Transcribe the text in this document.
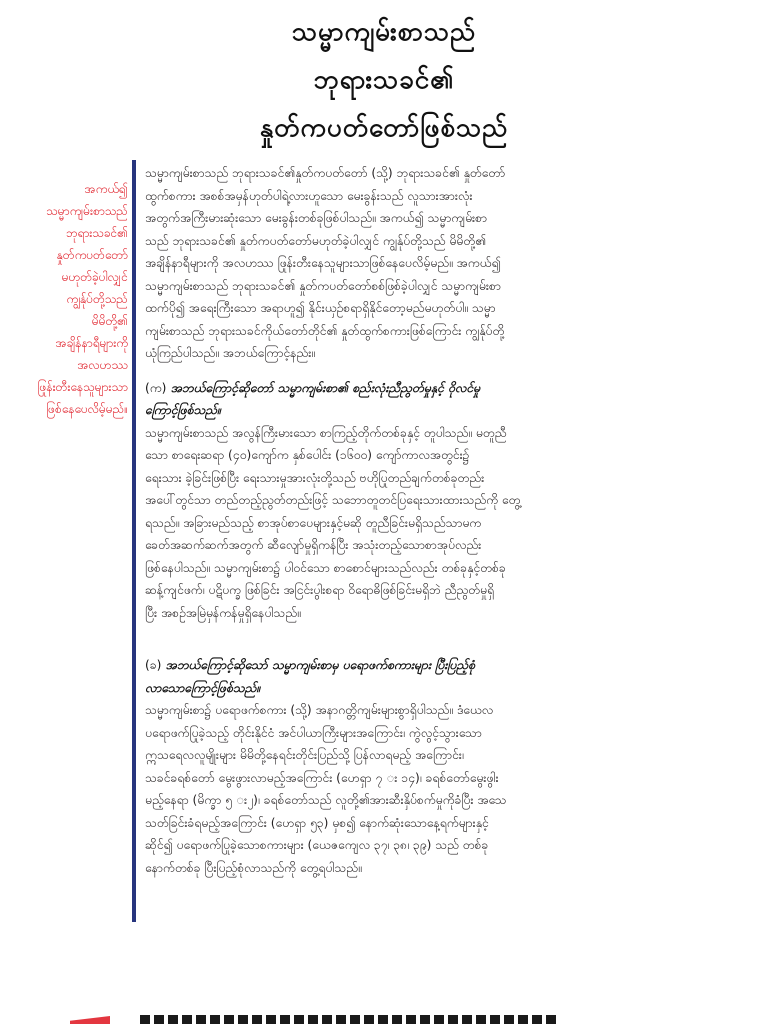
သမ္မာကျမ်းစာသည်
ဘုရားသခင်၏
နှုတ်ကပတ်တော်ဖြစ်သည်
အကယ်၍
သမ္မာကျမ်းစာသည်
ဘုရားသခင်၏
နှုတ်ကပတ်တော်
မဟုတ်ခဲ့ပါလျှင်
ကျွန်ုပ်တို့သည်
မိမိတို့၏
အချိန်နာရီများကို
အလဟဿ
ဖြုန်းတီးနေသူများသာ
ဖြစ်နေပေလိမ့်မည်။

သမ္မာကျမ်းစာသည် ဘုရားသခင်၏နှုတ်ကပတ်တော် (သို့) ဘုရားသခင်၏ နှုတ်တော်
ထွက်စကား အစစ်အမှန်ဟုတ်ပါရဲ့လားဟူသော မေးခွန်းသည် လူသားအားလုံး
အတွက်အကြီးမားဆုံးသော မေးခွန်းတစ်ခုဖြစ်ပါသည်။ အကယ်၍ သမ္မာကျမ်းစာ
သည် ဘုရားသခင်၏ နှုတ်ကပတ်တော်မဟုတ်ခဲ့ပါလျှင် ကျွန်ုပ်တို့သည် မိမိတို့၏
အချိန်နာရီများကို အလဟဿ ဖြုန်းတီးနေသူများသာဖြစ်နေပေလိမ့်မည်။ အကယ်၍
သမ္မာကျမ်းစာသည် ဘုရားသခင်၏ နှုတ်ကပတ်တော်စစ်ဖြစ်ခဲ့ပါလျှင် သမ္မာကျမ်းစာ
ထက်ပို၍ အရေးကြီးသော အရာဟူ၍ နိုင်းယှဉ်စရာရှိနိုင်တော့မည်မဟုတ်ပါ။ သမ္မာ
ကျမ်းစာသည် ဘုရားသခင်ကိုယ်တော်တိုင်၏ နှုတ်ထွက်စကားဖြစ်ကြောင်း ကျွန်ုပ်တို့
ယုံကြည်ပါသည်။ အဘယ်ကြောင့်နည်း။

(က) အဘယ်ကြောင့်ဆိုတော် သမ္မာကျမ်းစာ၏ စည်းလုံးညီညွတ်မှုနှင့် ဝိုလင်မှု
ကြောင့်ဖြစ်သည်။

သမ္မာကျမ်းစာသည် အလွန်ကြီးမားသော စာကြည့်တိုက်တစ်ခုနှင့် တူပါသည်။ မတူညီ
သော စာရေးဆရာ (၄၀)ကျော်က နှစ်ပေါင်း (၁၆၀၀) ကျော်ကာလအတွင်း၌
ရေးသား ခဲ့ခြင်းဖြစ်ပြီး ရေးသားမှုအားလုံးတို့သည် ဗဟိုပြုတည်ချက်တစ်ခုတည်း
အပေါ်တွင်သာ တည်တည့်ညွတ်တည်းဖြင့် သဘောတူတင်ပြရေးသားထားသည်ကို တွေ့
ရသည်။ အခြားမည်သည့် စာအုပ်စာပေများနှင့်မဆို တူညီခြင်းမရှိသည်သာမက
ခေတ်အဆက်ဆက်အတွက် ဆီလျော်မှုရှိကန်ပြီး အသုံးတည့်သောစာအုပ်လည်း
ဖြစ်နေပါသည်။ သမ္မာကျမ်းစာ၌ ပါဝင်သော စာစောင်များသည်လည်း တစ်ခုနှင့်တစ်ခု
ဆန့်ကျင်ဖက်၊ ပဋိပက္ခ ဖြစ်ခြင်း အငြင်းပွါးစရာ ဝိရောဓိဖြစ်ခြင်းမရှိဘဲ ညီညွတ်မှုရှိ
ပြီး အစဉ်အမြဲမှန်ကန်မှုရှိနေပါသည်။

(ခ) အဘယ်ကြောင့်ဆိုသော် သမ္မာကျမ်းစာမှ ပရောဖက်စကားများ ပြီးပြည့်စုံ
လာသောကြောင့်ဖြစ်သည်။

သမ္မာကျမ်းစာ၌ ပရောဖက်စကား (သို့) အနာဂတ္တိကျမ်းများစွာရှိပါသည်။ ဒံယေလ
ပရောဖက်ပြုခဲ့သည့် တိုင်းနိုင်ငံ အင်ပါယာကြီးများအကြောင်း၊ ကွဲလွင့်သွားသော
ဣသရေလလူမျိုးများ မိမိတို့နေရင်းတိုင်းပြည်သို့ ပြန်လာရမည့် အကြောင်း၊
သခင်ခရစ်တော် မွေးဖွားလာမည့်အကြောင်း (ဟေရှာ ၇ း ၁၄)၊ ခရစ်တော်မွေးဖွါး
မည့်နေရာ (မိက္ခာ ၅ း၂)၊ ခရစ်တော်သည် လူတို့၏အားဆီးနှိပ်စက်မှုကိုခံပြီး အသေ
သတ်ခြင်းခံရမည့်အကြောင်း (ဟေရှာ ၅၃) မှစ၍ နောက်ဆုံးသောနေ့ရက်များနှင့်
ဆိုင်၍ ပရောဖက်ပြုခဲ့သောစကားများ (ယေဇကျေလ ၃၇၊ ၃၈၊ ၃၉) သည် တစ်ခု
နောက်တစ်ခု ပြီးပြည့်စုံလာသည်ကို တွေ့ရပါသည်။
